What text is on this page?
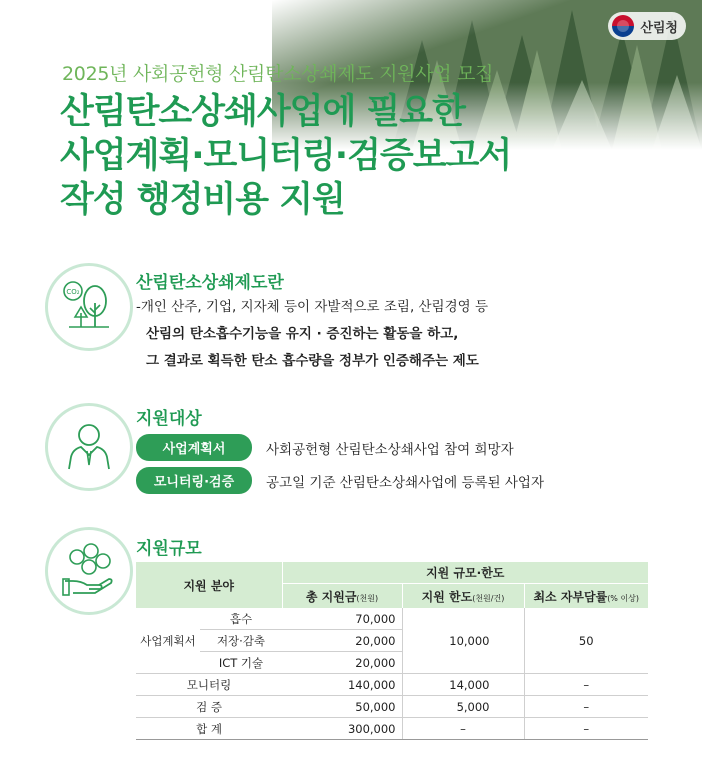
산림청
2025년 사회공헌형 산림탄소상쇄제도 지원사업 모집
산림탄소상쇄사업에 필요한
사업계획·모니터링·검증보고서
작성 행정비용 지원
CO₂	산림탄소상쇄제도란
-개인 산주, 기업, 지자체 등이 자발적으로 조림, 산림경영 등
산림의 탄소흡수기능을 유지 · 증진하는 활동을 하고,
그 결과로 획득한 탄소 흡수량을 정부가 인증해주는 제도
지원대상
사업계획서	사회공헌형 산림탄소상쇄사업 참여 희망자
모니터링·검증	공고일 기준 산림탄소상쇄사업에 등록된 사업자
지원규모
지원 분야		지원 규모·한도		
		총 지원금(천원)	지원 한도(천원/건)	최소 자부담률(% 이상)
사업계획서	흡수	70,000	10,000	50
	저장·감축	20,000		
	ICT 기술	20,000		
모니터링		140,000	14,000	–
검 증		50,000	5,000	–
합 계		300,000	–	–
